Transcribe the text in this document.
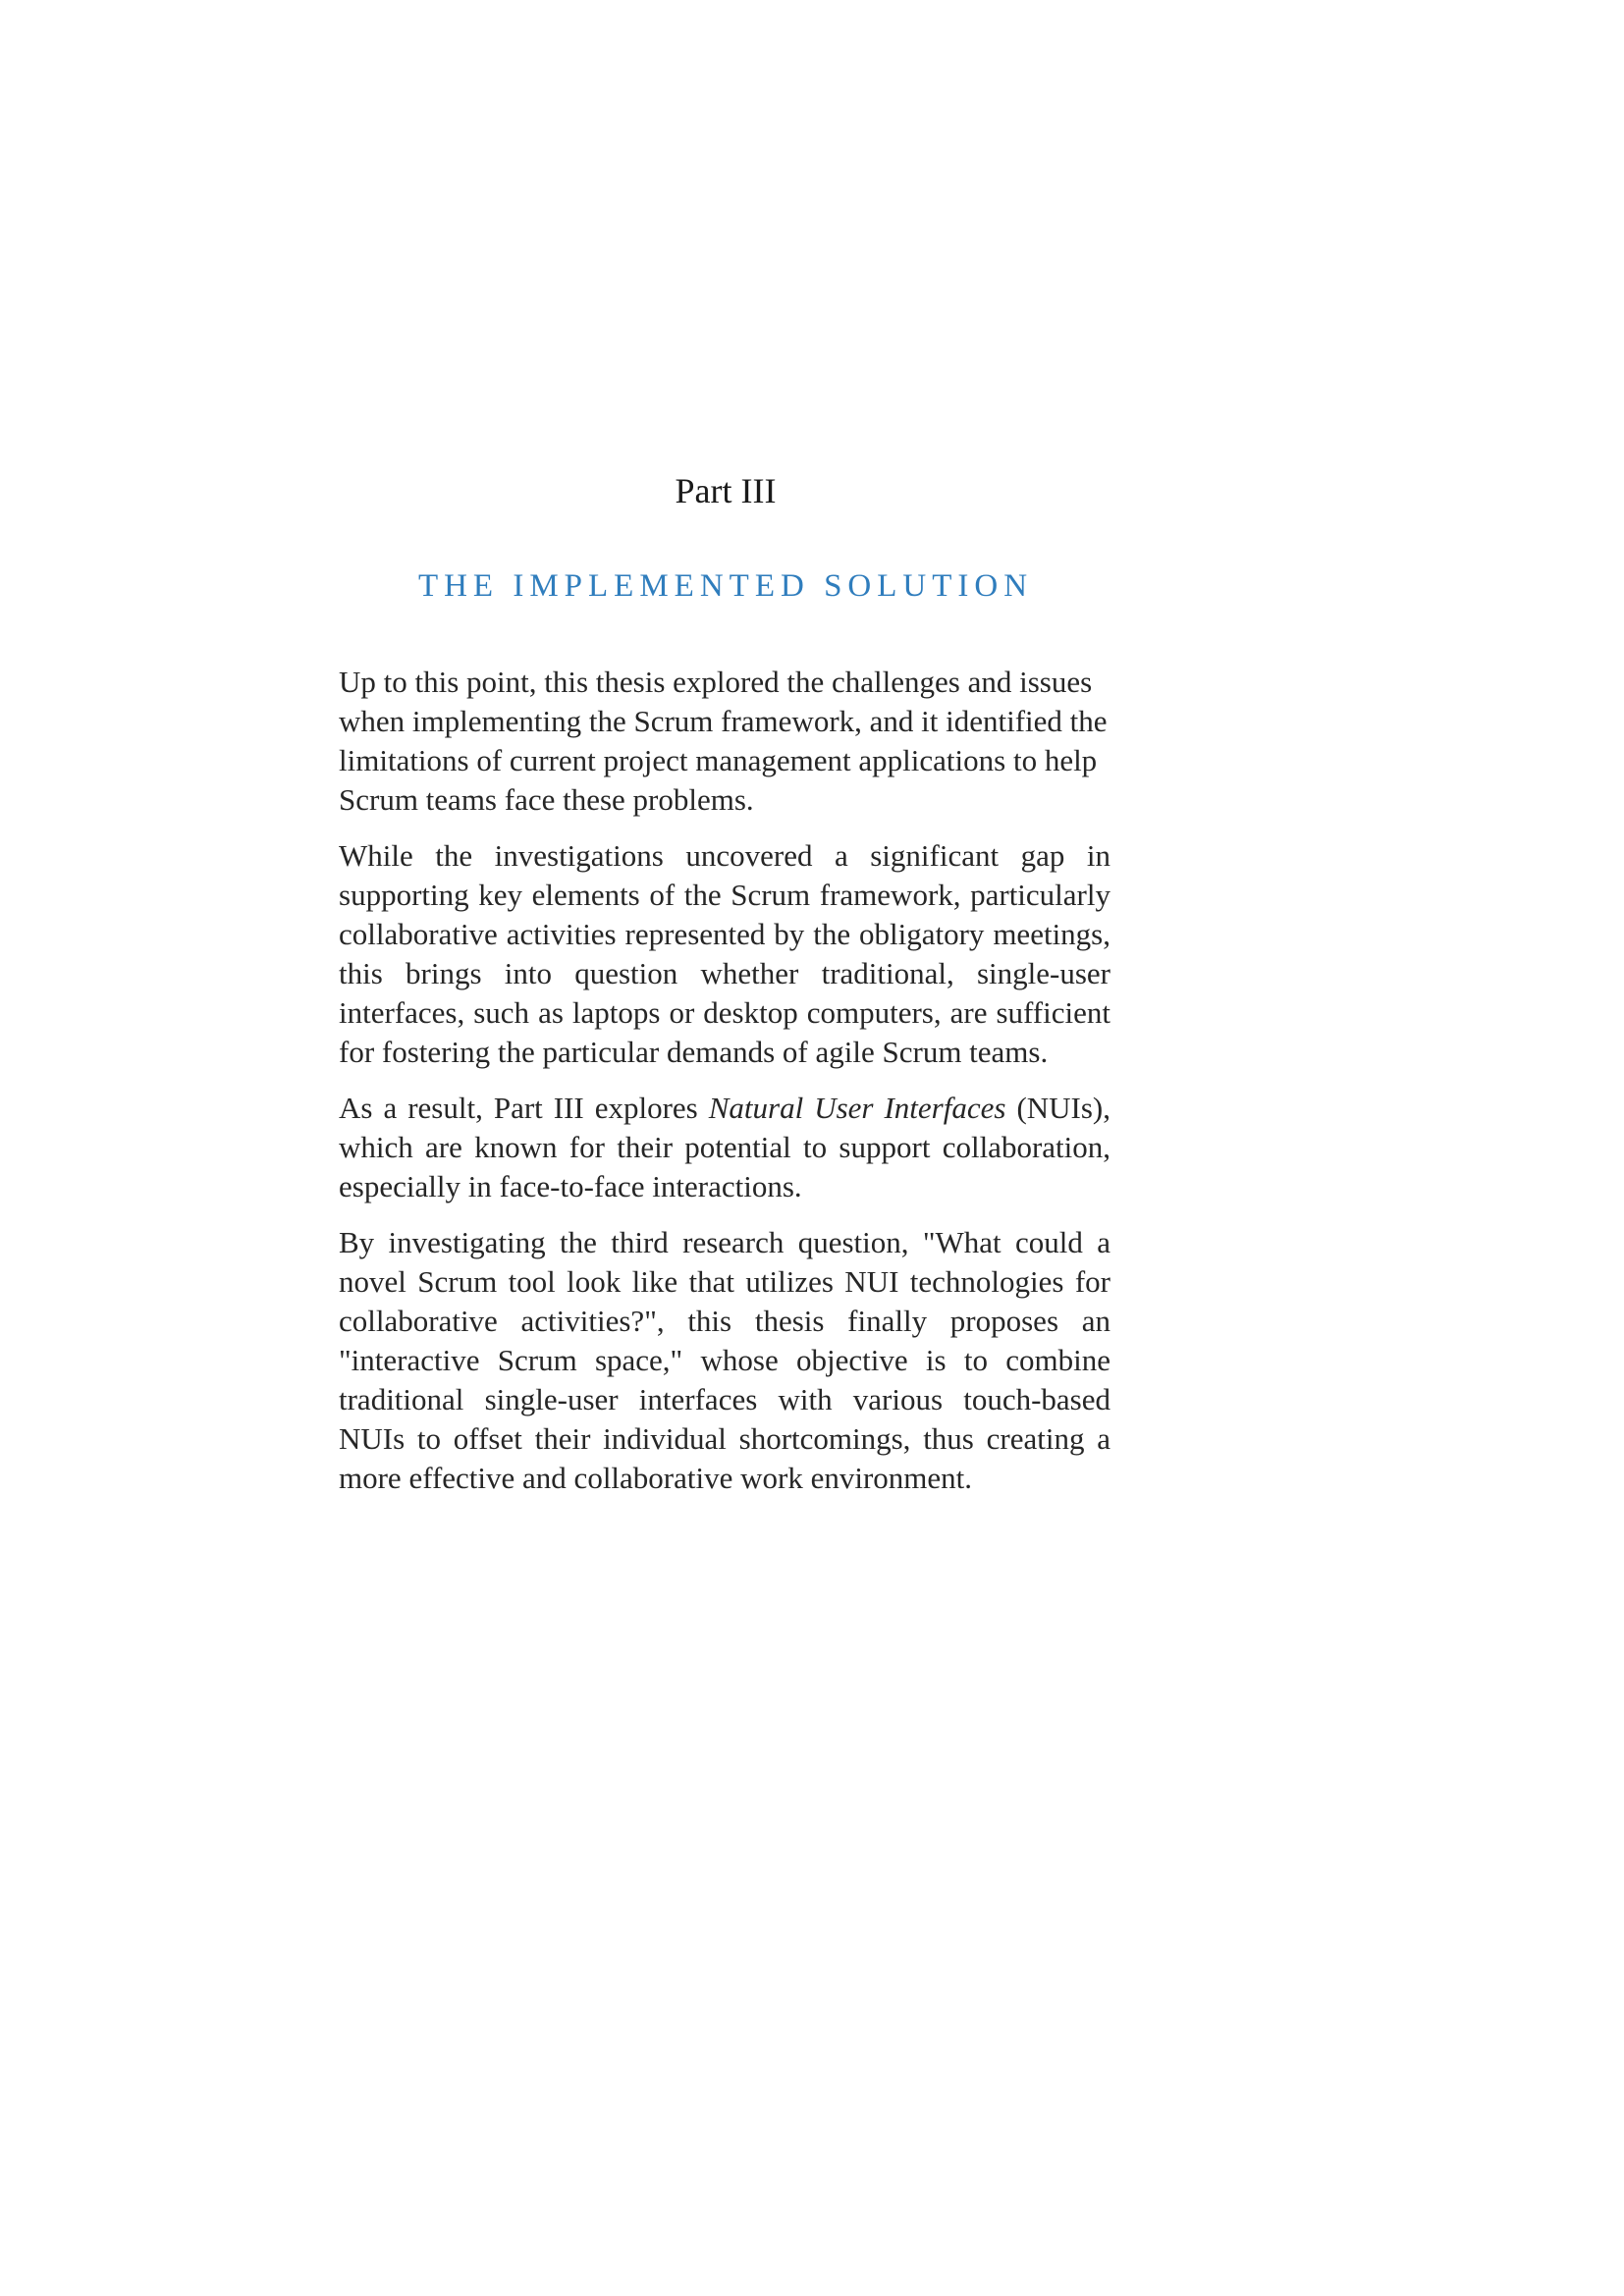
Part III
THE IMPLEMENTED SOLUTION

Up to this point, this thesis explored the challenges and issues when implementing the Scrum framework, and it identified the limitations of current project management applications to help Scrum teams face these problems.

While the investigations uncovered a significant gap in supporting key elements of the Scrum framework, particularly collaborative activities represented by the obligatory meetings, this brings into question whether traditional, single-user interfaces, such as laptops or desktop computers, are sufficient for fostering the particular demands of agile Scrum teams.

As a result, Part III explores Natural User Interfaces (NUIs), which are known for their potential to support collaboration, especially in face-to-face interactions.

By investigating the third research question, "What could a novel Scrum tool look like that utilizes NUI technologies for collaborative activities?", this thesis finally proposes an "interactive Scrum space," whose objective is to combine traditional single-user interfaces with various touch-based NUIs to offset their individual shortcomings, thus creating a more effective and collaborative work environment.
